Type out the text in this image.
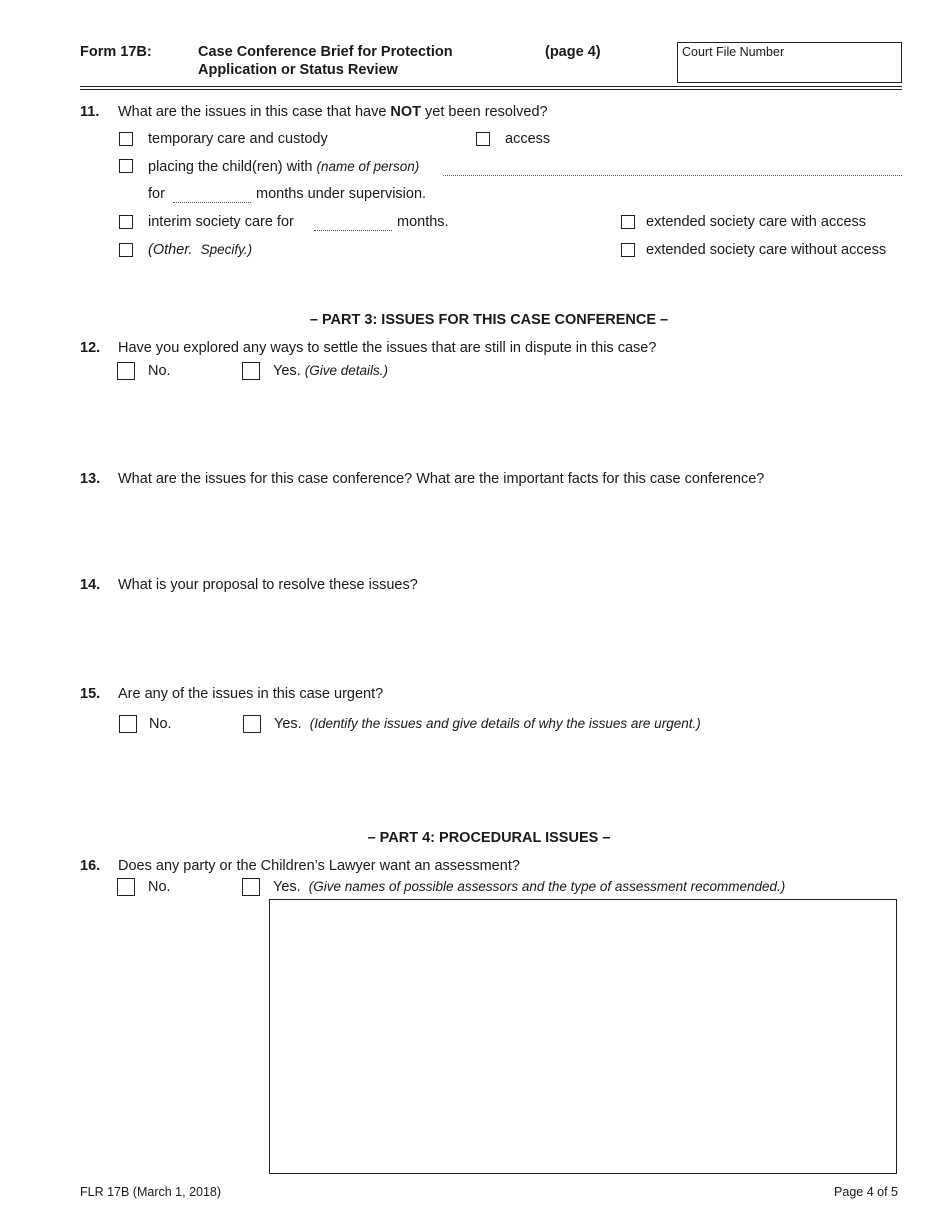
Form 17B:	Case Conference Brief for Protection
Application or Status Review
(page 4)	Court File Number
11. What are the issues in this case that have NOT yet been resolved?
temporary care and custody	access
placing the child(ren) with (name of person)
for	months under supervision.
interim society care for	months.	extended society care with access
(Other. Specify.)	extended society care without access
– PART 3: ISSUES FOR THIS CASE CONFERENCE –
12. Have you explored any ways to settle the issues that are still in dispute in this case?
No.	Yes. (Give details.)
13. What are the issues for this case conference? What are the important facts for this case conference?
14. What is your proposal to resolve these issues?
15. Are any of the issues in this case urgent?
No.	Yes. (Identify the issues and give details of why the issues are urgent.)
– PART 4: PROCEDURAL ISSUES –
16. Does any party or the Children’s Lawyer want an assessment?
No.	Yes. (Give names of possible assessors and the type of assessment recommended.)
FLR 17B (March 1, 2018)	Page 4 of 5
